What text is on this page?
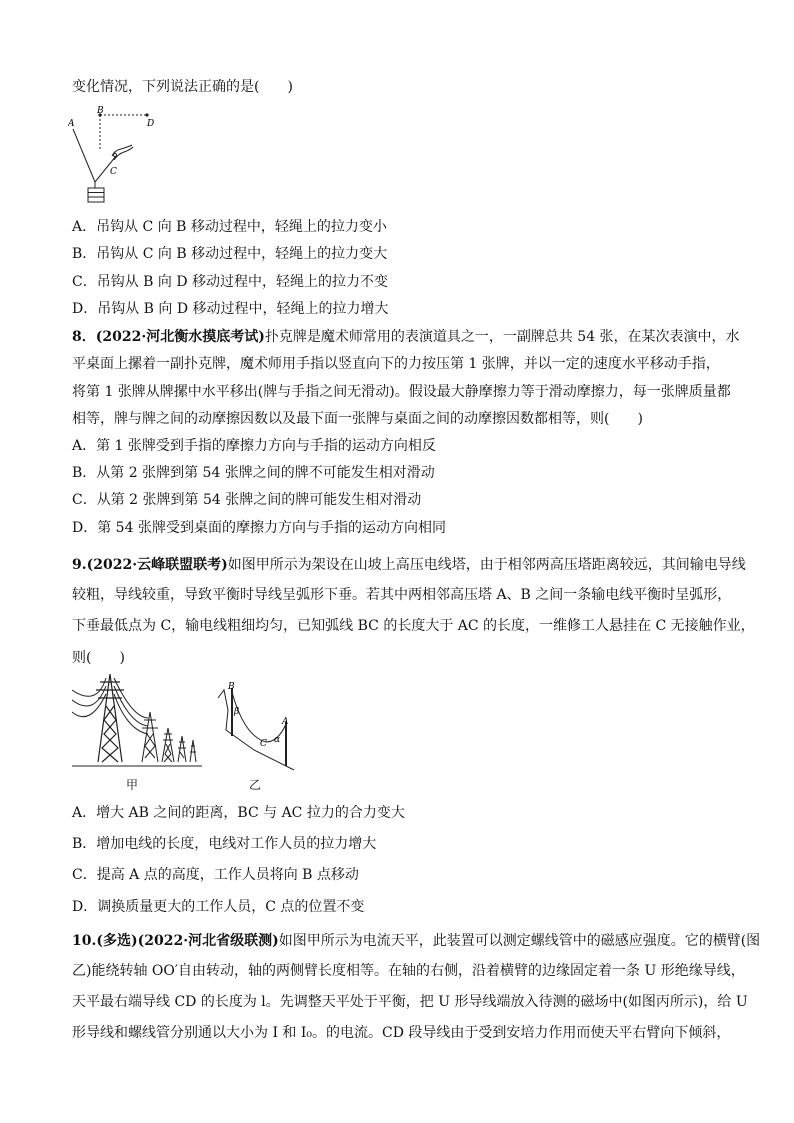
变化情况，下列说法正确的是(　　)
A
B
D
C
A．吊钩从 C 向 B 移动过程中，轻绳上的拉力变小
B．吊钩从 C 向 B 移动过程中，轻绳上的拉力变大
C．吊钩从 B 向 D 移动过程中，轻绳上的拉力不变
D．吊钩从 B 向 D 移动过程中，轻绳上的拉力增大
8．(2022·河北衡水摸底考试)扑克牌是魔术师常用的表演道具之一，一副牌总共 54 张，在某次表演中，水
平桌面上摞着一副扑克牌，魔术师用手指以竖直向下的力按压第 1 张牌，并以一定的速度水平移动手指，
将第 1 张牌从牌摞中水平移出(牌与手指之间无滑动)。假设最大静摩擦力等于滑动摩擦力，每一张牌质量都
相等，牌与牌之间的动摩擦因数以及最下面一张牌与桌面之间的动摩擦因数都相等，则(　　)
A．第 1 张牌受到手指的摩擦力方向与手指的运动方向相反
B．从第 2 张牌到第 54 张牌之间的牌不可能发生相对滑动
C．从第 2 张牌到第 54 张牌之间的牌可能发生相对滑动
D．第 54 张牌受到桌面的摩擦力方向与手指的运动方向相同
9.(2022·云峰联盟联考)如图甲所示为架设在山坡上高压电线塔，由于相邻两高压塔距离较远，其间输电导线
较粗，导线较重，导致平衡时导线呈弧形下垂。若其中两相邻高压塔 A、B 之间一条输电线平衡时呈弧形，
下垂最低点为 C，输电线粗细均匀，已知弧线 BC 的长度大于 AC 的长度，一维修工人悬挂在 C 无接触作业，
则(　　)
甲
B
β
A
C α
乙
A．增大 AB 之间的距离，BC 与 AC 拉力的合力变大
B．增加电线的长度，电线对工作人员的拉力增大
C．提高 A 点的高度，工作人员将向 B 点移动
D．调换质量更大的工作人员，C 点的位置不变
10.(多选)(2022·河北省级联测)如图甲所示为电流天平，此装置可以测定螺线管中的磁感应强度。它的横臂(图
乙)能绕转轴 OO′自由转动，轴的两侧臂长度相等。在轴的右侧，沿着横臂的边缘固定着一条 U 形绝缘导线，
天平最右端导线 CD 的长度为 l。先调整天平处于平衡，把 U 形导线端放入待测的磁场中(如图丙所示)，给 U
形导线和螺线管分别通以大小为 I 和 I₀。的电流。CD 段导线由于受到安培力作用而使天平右臂向下倾斜，
